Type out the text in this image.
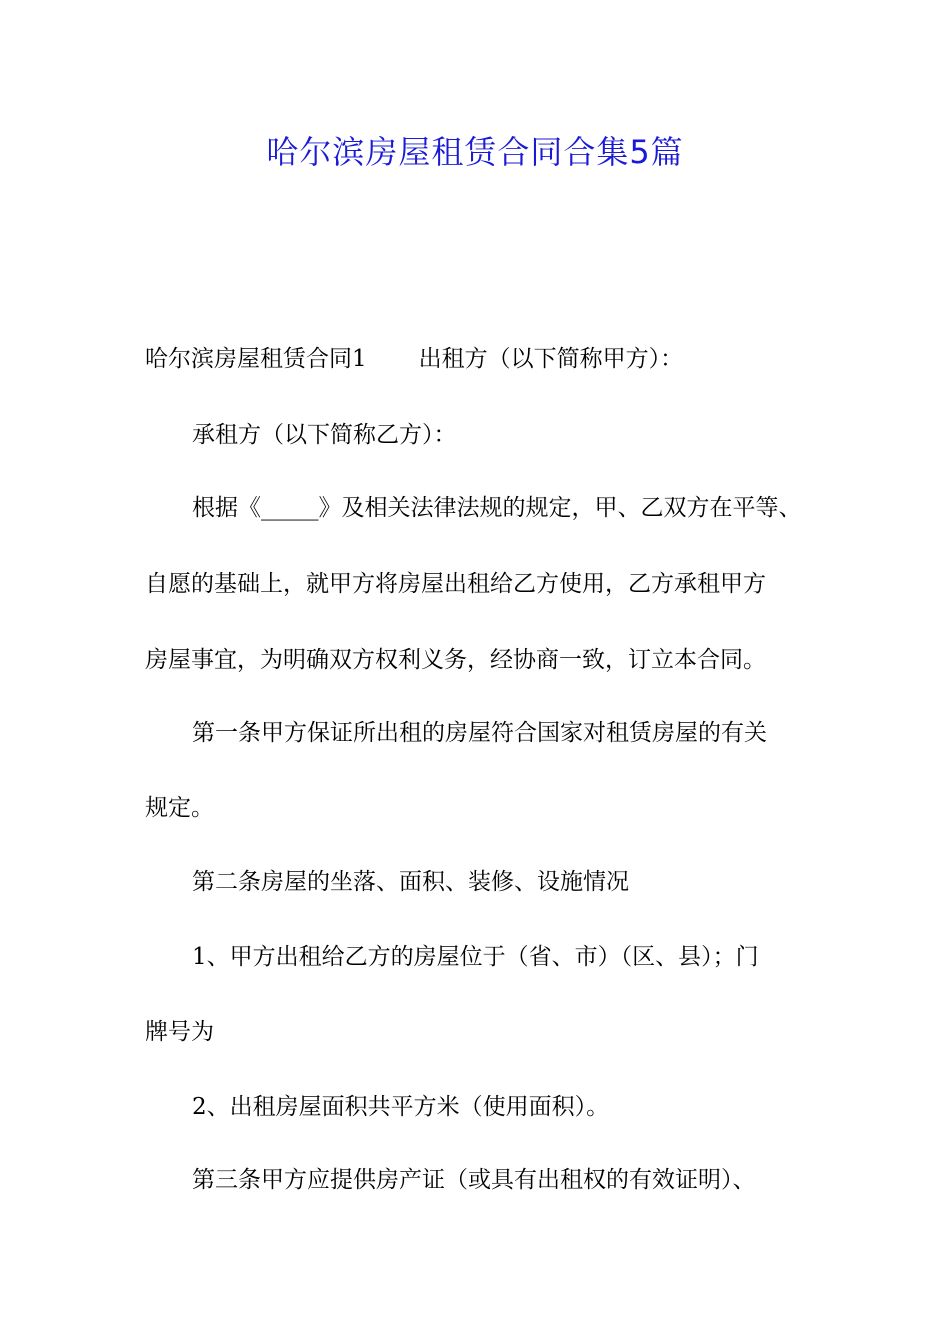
哈尔滨房屋租赁合同合集5篇
哈尔滨房屋租赁合同1 出租方（以下简称甲方）：
承租方（以下简称乙方）：
根据《_____》及相关法律法规的规定，甲、乙双方在平等、
自愿的基础上，就甲方将房屋出租给乙方使用，乙方承租甲方
房屋事宜，为明确双方权利义务，经协商一致，订立本合同。
第一条甲方保证所出租的房屋符合国家对租赁房屋的有关
规定。
第二条房屋的坐落、面积、装修、设施情况
1、甲方出租给乙方的房屋位于（省、市）（区、县）；门
牌号为
2、出租房屋面积共平方米（使用面积）。
第三条甲方应提供房产证（或具有出租权的有效证明）、
